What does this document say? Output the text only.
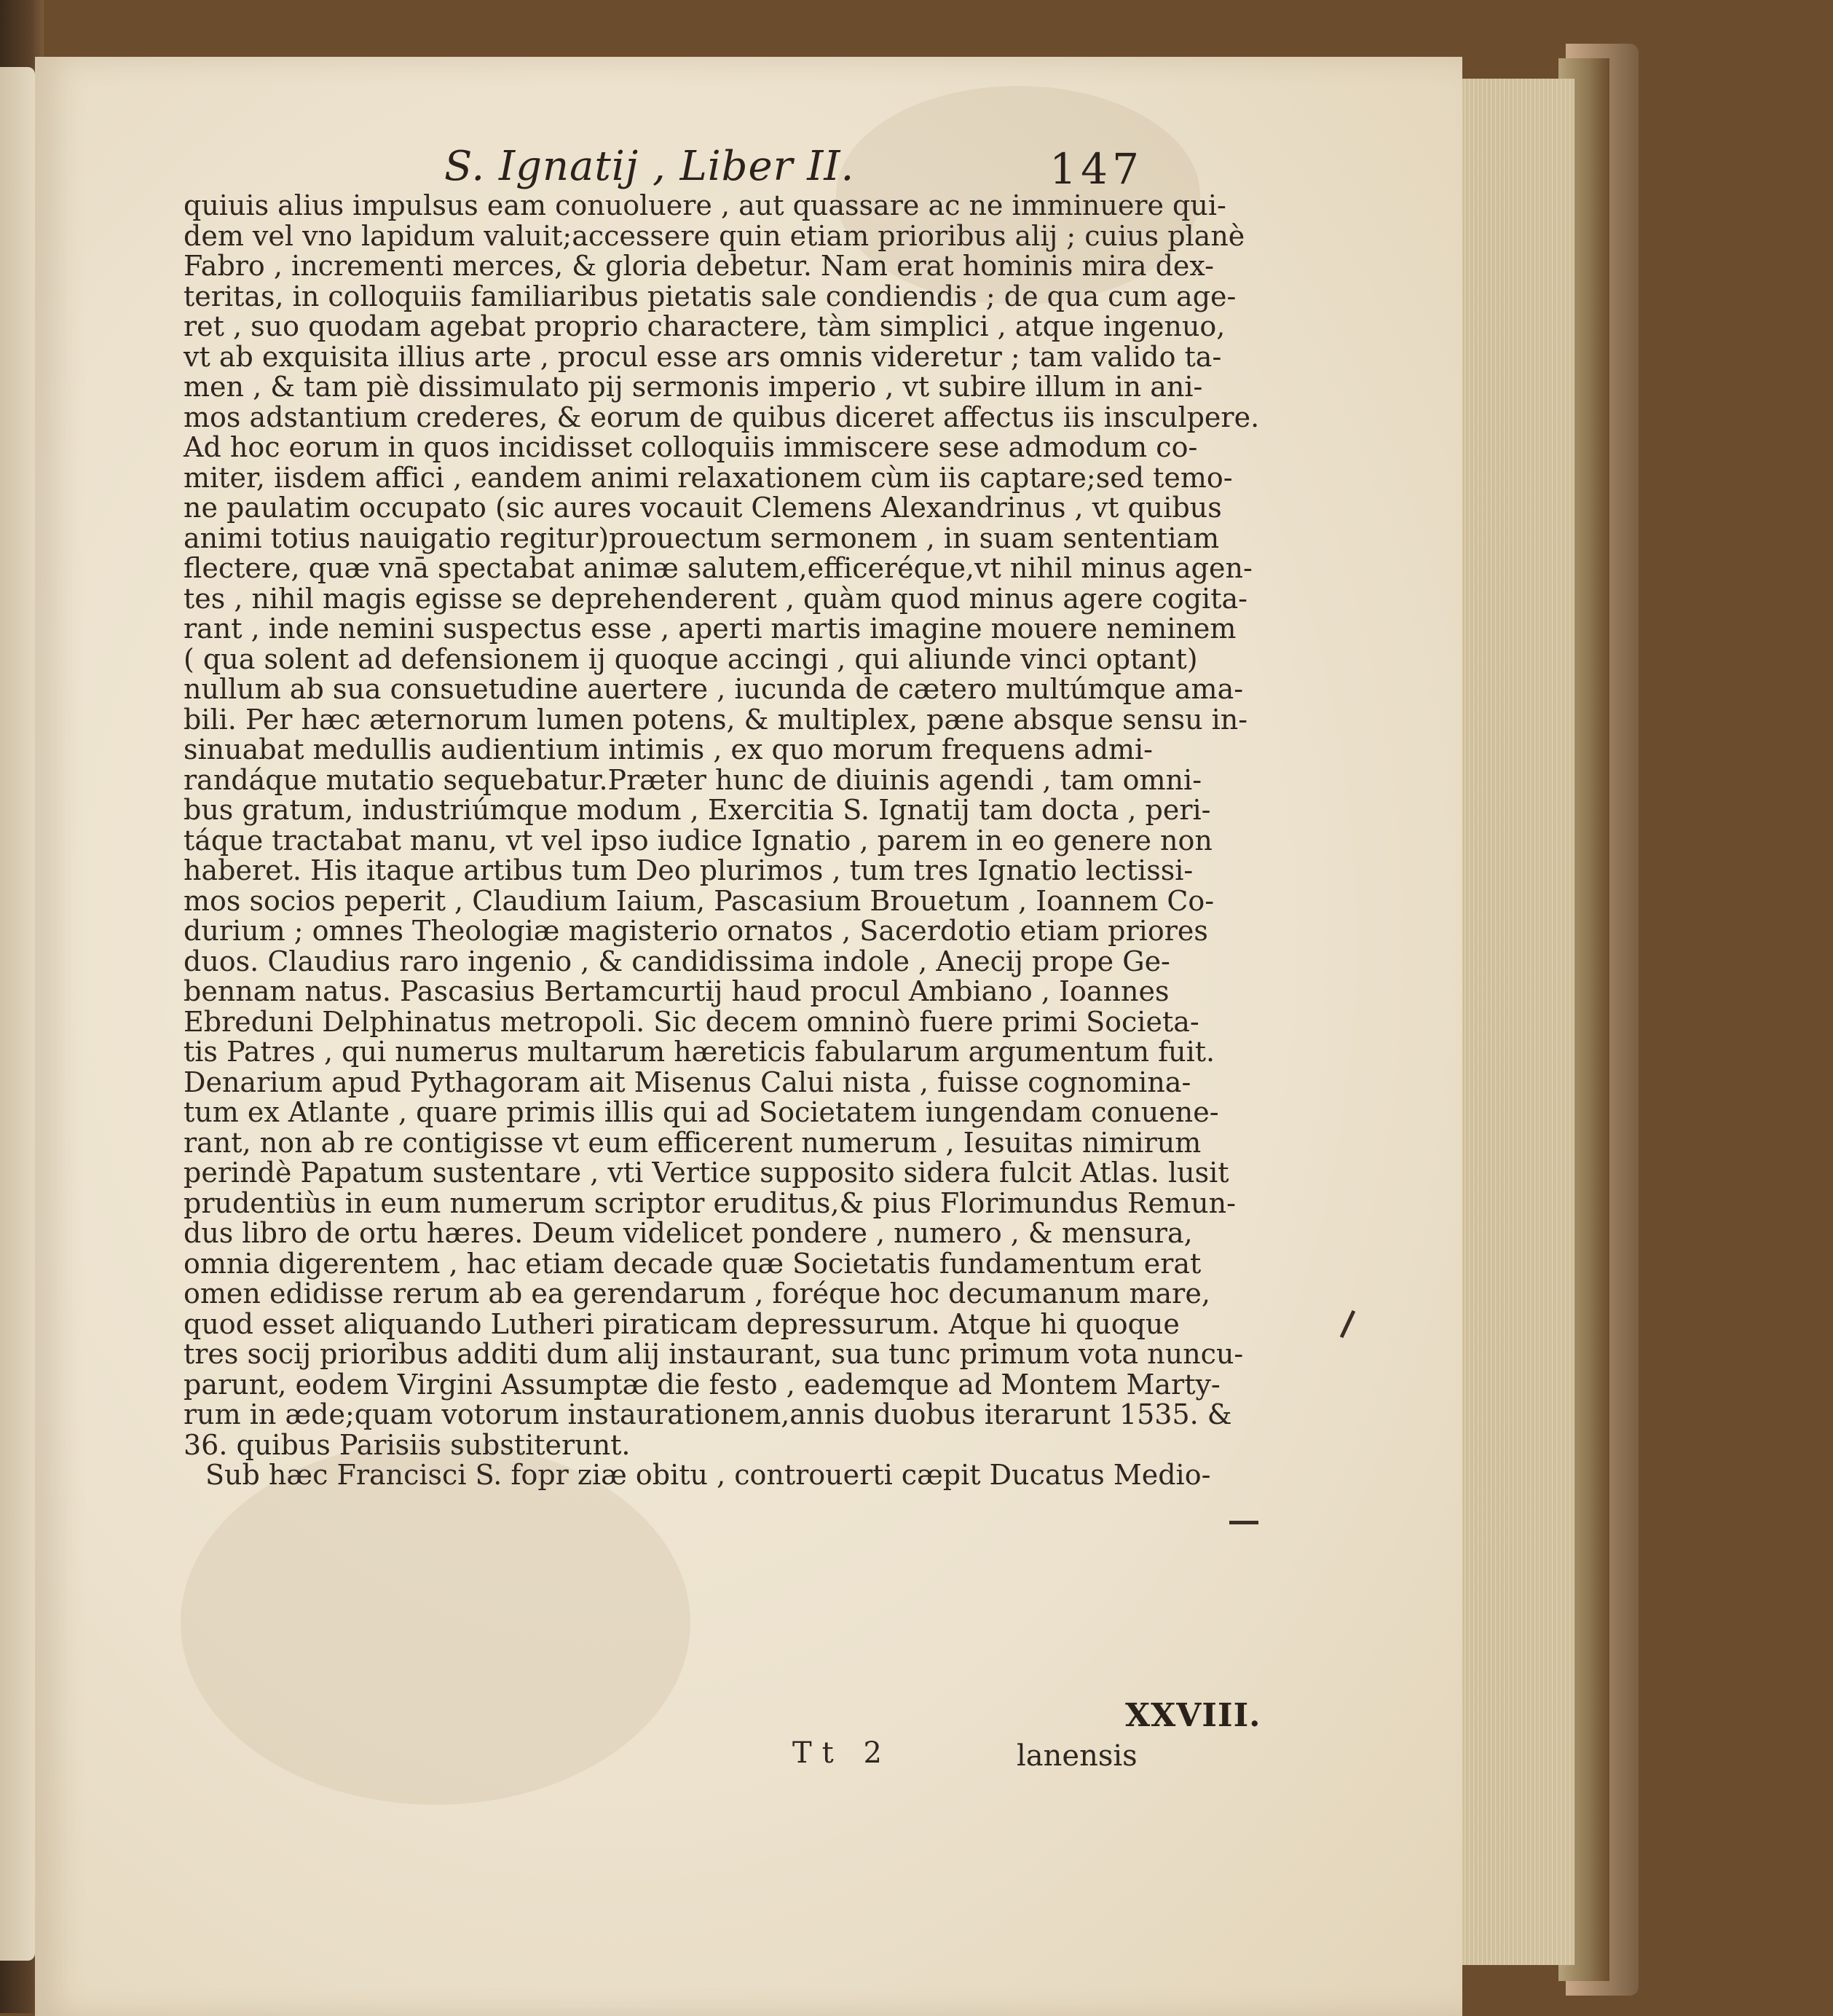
S. Ignatij , Liber II.	147
quiuis alius impulsus eam conuoluere , aut quassare ac ne imminuere qui-
dem vel vno lapidum valuit;accessere quin etiam prioribus alij ; cuius planè
Fabro , incrementi merces, & gloria debetur. Nam erat hominis mira dex-
teritas, in colloquiis familiaribus pietatis sale condiendis ; de qua cum age-
ret , suo quodam agebat proprio charactere, tàm simplici , atque ingenuo,
vt ab exquisita illius arte , procul esse ars omnis videretur ; tam valido ta-
men , & tam piè dissimulato pij sermonis imperio , vt subire illum in ani-
mos adstantium crederes, & eorum de quibus diceret affectus iis insculpere.
Ad hoc eorum in quos incidisset colloquiis immiscere sese admodum co-
miter, iisdem affici , eandem animi relaxationem cùm iis captare;sed temo-
ne paulatim occupato (sic aures vocauit Clemens Alexandrinus , vt quibus
animi totius nauigatio regitur)prouectum sermonem , in suam sententiam
flectere, quæ vnā spectabat animæ salutem,efficeréque,vt nihil minus agen-
tes , nihil magis egisse se deprehenderent , quàm quod minus agere cogita-
rant , inde nemini suspectus esse , aperti martis imagine mouere neminem
( qua solent ad defensionem ij quoque accingi , qui aliunde vinci optant)
nullum ab sua consuetudine auertere , iucunda de cætero multúmque ama-
bili. Per hæc æternorum lumen potens, & multiplex, pæne absque sensu in-
sinuabat medullis audientium intimis , ex quo morum frequens admi-
randáque mutatio sequebatur.Præter hunc de diuinis agendi , tam omni-
bus gratum, industriúmque modum , Exercitia S. Ignatij tam docta , peri-
táque tractabat manu, vt vel ipso iudice Ignatio , parem in eo genere non
haberet. His itaque artibus tum Deo plurimos , tum tres Ignatio lectissi-
mos socios peperit , Claudium Iaium, Pascasium Brouetum , Ioannem Co-
durium ; omnes Theologiæ magisterio ornatos , Sacerdotio etiam priores
duos. Claudius raro ingenio , & candidissima indole , Anecij prope Ge-
bennam natus. Pascasius Bertamcurtij haud procul Ambiano , Ioannes
Ebreduni Delphinatus metropoli. Sic decem omninò fuere primi Societa-
tis Patres , qui numerus multarum hæreticis fabularum argumentum fuit.
Denarium apud Pythagoram ait Misenus Calui nista , fuisse cognomina-
tum ex Atlante , quare primis illis qui ad Societatem iungendam conuene-
rant, non ab re contigisse vt eum efficerent numerum , Iesuitas nimirum
perindè Papatum sustentare , vti Vertice supposito sidera fulcit Atlas. lusit
prudentiùs in eum numerum scriptor eruditus,& pius Florimundus Remun-
dus libro de ortu hæres. Deum videlicet pondere , numero , & mensura,
omnia digerentem , hac etiam decade quæ Societatis fundamentum erat
omen edidisse rerum ab ea gerendarum , foréque hoc decumanum mare,
quod esset aliquando Lutheri piraticam depressurum. Atque hi quoque
tres socij prioribus additi dum alij instaurant, sua tunc primum vota nuncu-
parunt, eodem Virgini Assumptæ die festo , eademque ad Montem Marty-
rum in æde;quam votorum instaurationem,annis duobus iterarunt 1535. &
36. quibus Parisiis substiterunt.
Sub hæc Francisci S. fopr ziæ obitu , controuerti cæpit Ducatus Medio-
XXVIII.
Tt 2	lanensis
